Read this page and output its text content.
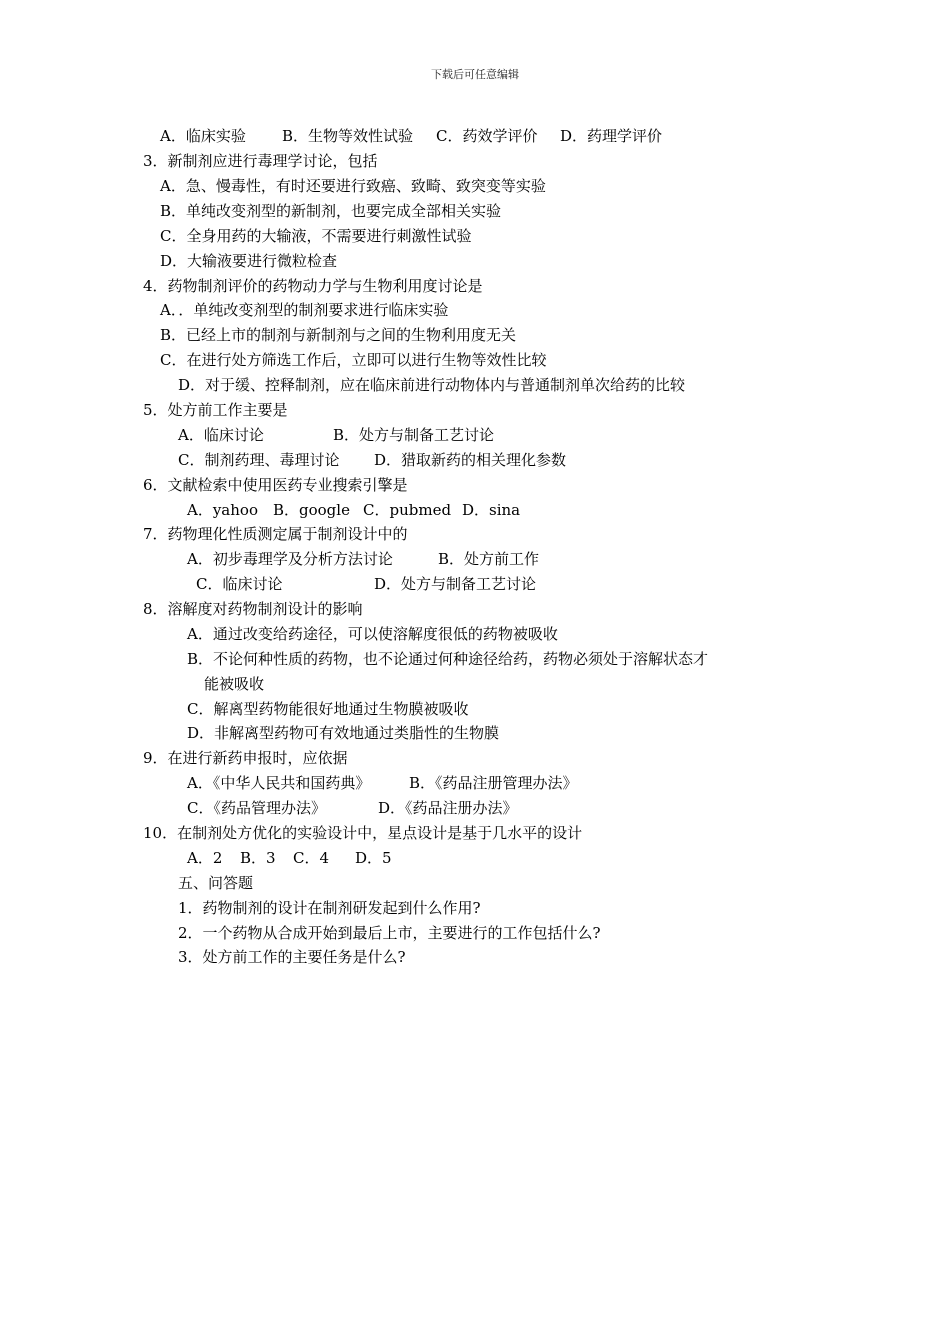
下载后可任意编辑
A．临床实验 B．生物等效性试验 C．药效学评价 D．药理学评价
3．新制剂应进行毒理学讨论，包括
A．急、慢毒性，有时还要进行致癌、致畸、致突变等实验
B．单纯改变剂型的新制剂，也要完成全部相关实验
C．全身用药的大输液，不需要进行刺激性试验
D．大输液要进行微粒检查
4．药物制剂评价的药物动力学与生物利用度讨论是
A．．单纯改变剂型的制剂要求进行临床实验
B．已经上市的制剂与新制剂与之间的生物利用度无关
C．在进行处方筛选工作后，立即可以进行生物等效性比较
D．对于缓、控释制剂，应在临床前进行动物体内与普通制剂单次给药的比较
5．处方前工作主要是
A．临床讨论	B．处方与制备工艺讨论
C．制剂药理、毒理讨论 D．猎取新药的相关理化参数
6．文献检索中使用医药专业搜索引擎是
A．yahoo B．google C．pubmed D．sina
7．药物理化性质测定属于制剂设计中的
A．初步毒理学及分析方法讨论	B．处方前工作
C．临床讨论	D．处方与制备工艺讨论
8．溶解度对药物制剂设计的影响
A．通过改变给药途径，可以使溶解度很低的药物被吸收
B．不论何种性质的药物，也不论通过何种途径给药，药物必须处于溶解状态才
能被吸收
C．解离型药物能很好地通过生物膜被吸收
D．非解离型药物可有效地通过类脂性的生物膜
9．在进行新药申报时，应依据
A．《中华人民共和国药典》	B．《药品注册管理办法》
C．《药品管理办法》	D．《药品注册办法》
10．在制剂处方优化的实验设计中，星点设计是基于几水平的设计
A．2 B．3 C．4 D．5
五、问答题
1．药物制剂的设计在制剂研发起到什么作用?
2．一个药物从合成开始到最后上市，主要进行的工作包括什么?
3．处方前工作的主要任务是什么?
